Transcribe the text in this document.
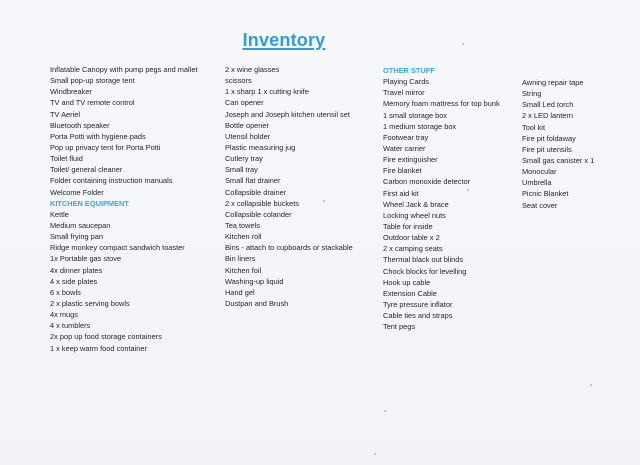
Inventory
Inflatable Canopy with pump pegs and mallet
Small pop-up storage tent
Windbreaker
TV and TV remote control
TV Aeriel
Bluetooth speaker
Porta Potti with hygiene pads
Pop up privacy tent for Porta Potti
Toilet fluid
Toilet/ general cleaner
Folder containing instruction manuals
Welcome Folder
KITCHEN EQUIPMENT
Kettle
Medium saucepan
Small frying pan
Ridge monkey compact sandwich toaster
1x Portable gas stove
4x dinner plates
4 x side plates
6 x bowls
2 x plastic serving bowls
4x mugs
4 x tumblers
2x pop up food storage containers
1 x keep warm food container
2 x wine glasses
scissors
1 x sharp 1 x cutting knife
Can opener
Joseph and Joseph kitchen utensil set
Bottle opener
Utensil holder
Plastic measuring jug
Cutlery tray
Small tray
Small flat drainer
Collapsible drainer
2 x collapsible buckets
Collapsible colander
Tea towels
Kitchen roll
Bins - attach to cupboards or stackable
Bin liners
Kitchen foil
Washing-up liquid
Hand gel
Dustpan and Brush
OTHER STUFF
Playing Cards
Travel mirror
Memory foam mattress for top bunk
1 small storage box
1 medium storage box
Footwear tray
Water carrier
Fire extinguisher
Fire blanket
Carbon monoxide detector
First aid kit
Wheel Jack & brace
Locking wheel nuts
Table for inside
Outdoor table x 2
2 x camping seats
Thermal black out blinds
Chock blocks for levelling
Hook up cable
Extension Cable
Tyre pressure inflator
Cable ties and straps
Tent pegs
Awning repair tape
String
Small Led torch
2 x LED lantern
Tool kit
Fire pit foldaway
Fire pit utensils
Small gas canister x 1
Monocular
Umbrella
Picnic Blanket
Seat cover
